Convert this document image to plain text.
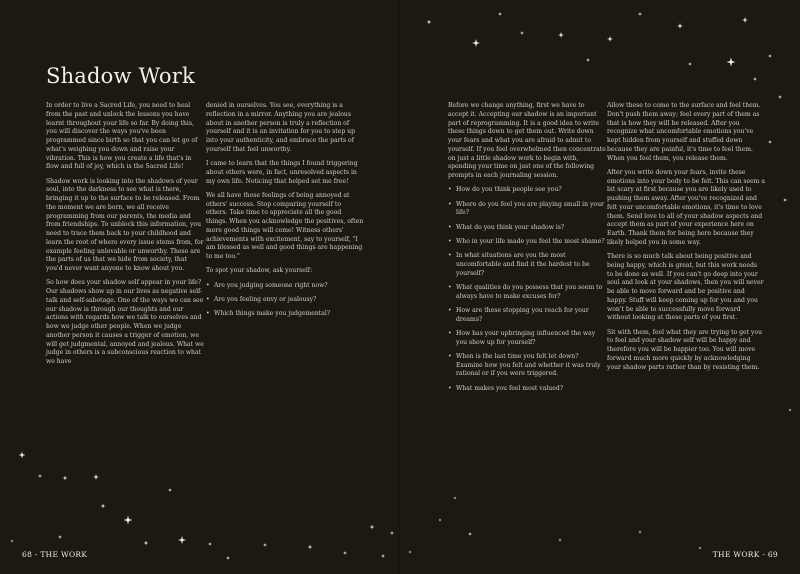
Shadow Work

In order to live a Sacred Life, you need to heal from the past and unlock the lessons you have learnt throughout your life so far. By doing this, you will discover the ways you've been programmed since birth so that you can let go of what's weighing you down and raise your vibration. This is how you create a life that's in flow and full of joy, which is the Sacred Life!

Shadow work is looking into the shadows of your soul, into the darkness to see what is there, bringing it up to the surface to be released. From the moment we are born, we all receive programming from our parents, the media and from friendships. To unblock this information, you need to trace them back to your childhood and learn the root of where every issue stems from, for example feeling unlovable or unworthy. These are the parts of us that we hide from society, that you'd never want anyone to know about you.

So how does your shadow self appear in your life? Our shadows show up in our lives as negative self-talk and self-sabotage. One of the ways we can see our shadow is through our thoughts and our actions with regards how we talk to ourselves and how we judge other people. When we judge another person it causes a trigger of emotion, we will get judgmental, annoyed and jealous. What we judge in others is a subconscious reaction to what we have

denied in ourselves. You see, everything is a reflection in a mirror. Anything you are jealous about in another person is truly a reflection of yourself and it is an invitation for you to step up into your authenticity, and embrace the parts of yourself that feel unworthy.

I came to learn that the things I found triggering about others were, in fact, unresolved aspects in my own life. Noticing that helped set me free!

We all have those feelings of being annoyed at others' success. Stop comparing yourself to others. Take time to appreciate all the good things. When you acknowledge the positives, often more good things will come! Witness others' achievements with excitement, say to yourself, "I am blessed as well and good things are happening to me too."

To spot your shadow, ask yourself:

• Are you judging someone right now?
• Are you feeling envy or jealousy?
• Which things make you judgemental?

Before we change anything, first we have to accept it. Accepting our shadow is an important part of reprogramming. It is a good idea to write these things down to get them out. Write down your fears and what you are afraid to admit to yourself. If you feel overwhelmed then concentrate on just a little shadow work to begin with, spending your time on just one of the following prompts in each journaling session.

• How do you think people see you?
• Where do you feel you are playing small in your life?
• What do you think your shadow is?
• Who in your life made you feel the most shame?
• In what situations are you the most uncomfortable and find it the hardest to be yourself?
• What qualities do you possess that you seem to always have to make excuses for?
• How are these stopping you reach for your dreams?
• How has your upbringing influenced the way you show up for yourself?
• When is the last time you felt let down? Examine how you felt and whether it was truly rational or if you were triggered.
• What makes you feel most valued?

Allow these to come to the surface and feel them. Don't push them away; feel every part of them as that is how they will be released. After you recognize what uncomfortable emotions you've kept hidden from yourself and stuffed down because they are painful, it's time to feel them. When you feel them, you release them.

After you write down your fears, invite these emotions into your body to be felt. This can seem a bit scary at first because you are likely used to pushing them away. After you've recognized and felt your uncomfortable emotions, it's time to love them. Send love to all of your shadow aspects and accept them as part of your experience here on Earth. Thank them for being here because they likely helped you in some way.

There is so much talk about being positive and being happy, which is great, but this work needs to be done as well. If you can't go deep into your soul and look at your shadows, then you will never be able to move forward and be positive and happy. Stuff will keep coming up for you and you won't be able to successfully move forward without looking at these parts of you first.

Sit with them, feel what they are trying to get you to feel and your shadow self will be happy and therefore you will be happier too. You will move forward much more quickly by acknowledging your shadow parts rather than by resisting them.

68 - THE WORK	THE WORK - 69
